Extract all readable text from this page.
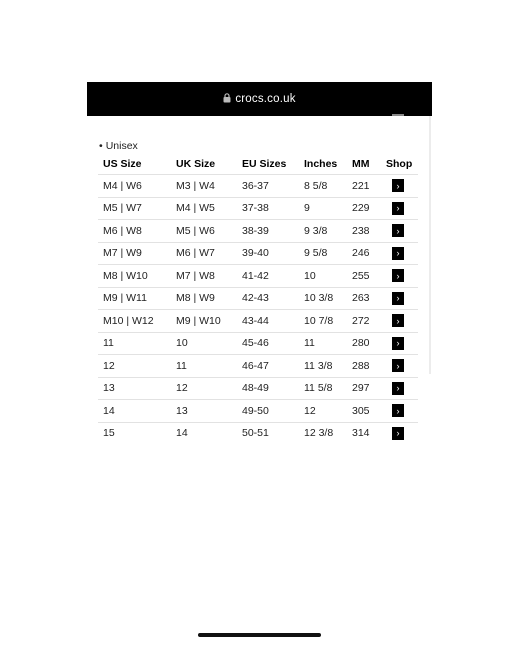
crocs.co.uk
• Unisex
US Size	UK Size	EU Sizes	Inches	MM	Shop
M4 | W6	M3 | W4	36-37	8 5/8	221	›

M5 | W7	M4 | W5	37-38	9	229	›

M6 | W8	M5 | W6	38-39	9 3/8	238	›

M7 | W9	M6 | W7	39-40	9 5/8	246	›

M8 | W10	M7 | W8	41-42	10	255	›

M9 | W11	M8 | W9	42-43	10 3/8	263	›

M10 | W12	M9 | W10	43-44	10 7/8	272	›

11	10	45-46	11	280	›

12	11	46-47	11 3/8	288	›

13	12	48-49	11 5/8	297	›

14	13	49-50	12	305	›

15	14	50-51	12 3/8	314	›
